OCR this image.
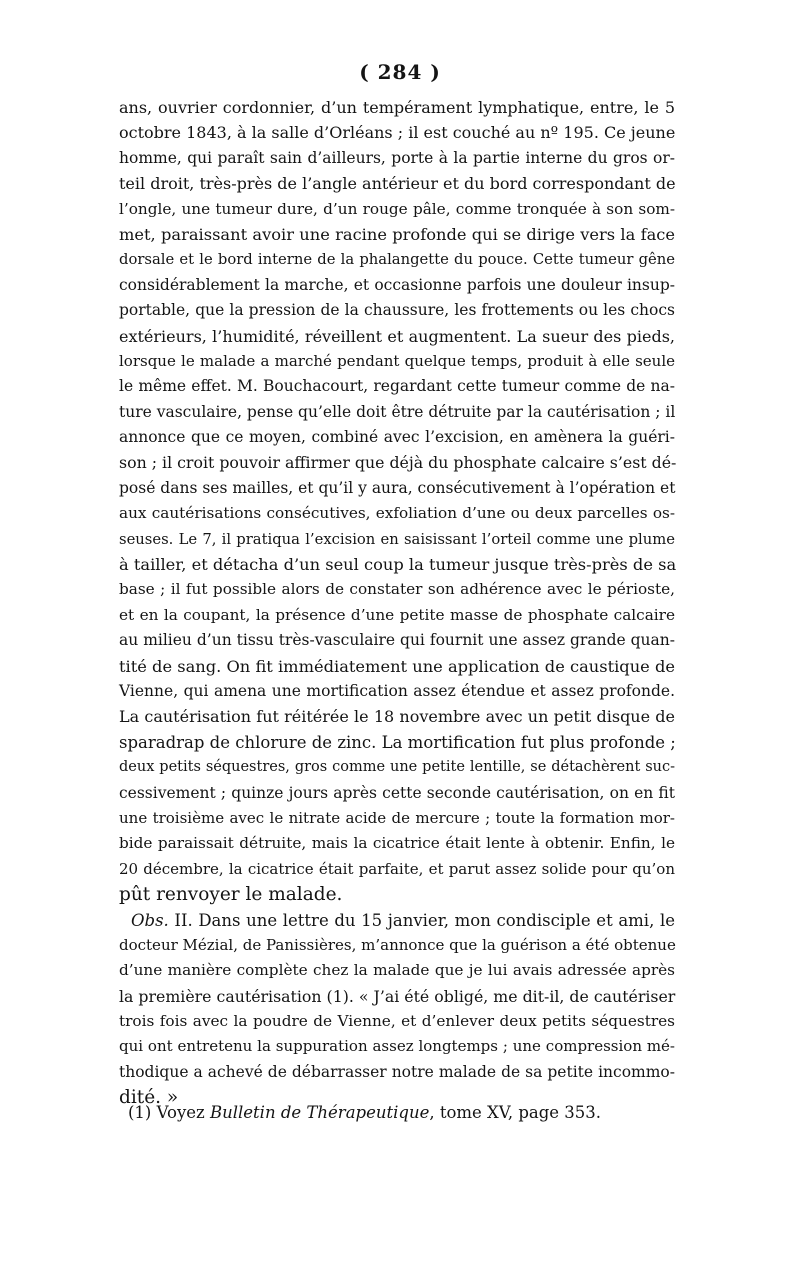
( 284 )
ans, ouvrier cordonnier, d’un tempérament lymphatique, entre, le 5
octobre 1843, à la salle d’Orléans ; il est couché au nº 195. Ce jeune
homme, qui paraît sain d’ailleurs, porte à la partie interne du gros or-
teil droit, très-près de l’angle antérieur et du bord correspondant de
l’ongle, une tumeur dure, d’un rouge pâle, comme tronquée à son som-
met, paraissant avoir une racine profonde qui se dirige vers la face
dorsale et le bord interne de la phalangette du pouce. Cette tumeur gêne
considérablement la marche, et occasionne parfois une douleur insup-
portable, que la pression de la chaussure, les frottements ou les chocs
extérieurs, l’humidité, réveillent et augmentent. La sueur des pieds,
lorsque le malade a marché pendant quelque temps, produit à elle seule
le même effet. M. Bouchacourt, regardant cette tumeur comme de na-
ture vasculaire, pense qu’elle doit être détruite par la cautérisation ; il
annonce que ce moyen, combiné avec l’excision, en amènera la guéri-
son ; il croit pouvoir affirmer que déjà du phosphate calcaire s’est dé-
posé dans ses mailles, et qu’il y aura, consécutivement à l’opération et
aux cautérisations consécutives, exfoliation d’une ou deux parcelles os-
seuses. Le 7, il pratiqua l’excision en saisissant l’orteil comme une plume
à tailler, et détacha d’un seul coup la tumeur jusque très-près de sa
base ; il fut possible alors de constater son adhérence avec le périoste,
et en la coupant, la présence d’une petite masse de phosphate calcaire
au milieu d’un tissu très-vasculaire qui fournit une assez grande quan-
tité de sang. On fit immédiatement une application de caustique de
Vienne, qui amena une mortification assez étendue et assez profonde.
La cautérisation fut réitérée le 18 novembre avec un petit disque de
sparadrap de chlorure de zinc. La mortification fut plus profonde ;
deux petits séquestres, gros comme une petite lentille, se détachèrent suc-
cessivement ; quinze jours après cette seconde cautérisation, on en fit
une troisième avec le nitrate acide de mercure ; toute la formation mor-
bide paraissait détruite, mais la cicatrice était lente à obtenir. Enfin, le
20 décembre, la cicatrice était parfaite, et parut assez solide pour qu’on
pût renvoyer le malade.
Obs. II. Dans une lettre du 15 janvier, mon condisciple et ami, le
docteur Mézial, de Panissières, m’annonce que la guérison a été obtenue
d’une manière complète chez la malade que je lui avais adressée après
la première cautérisation (1). « J’ai été obligé, me dit-il, de cautériser
trois fois avec la poudre de Vienne, et d’enlever deux petits séquestres
qui ont entretenu la suppuration assez longtemps ; une compression mé-
thodique a achevé de débarrasser notre malade de sa petite incommo-
dité. »
(1) Voyez Bulletin de Thérapeutique, tome XV, page 353.
